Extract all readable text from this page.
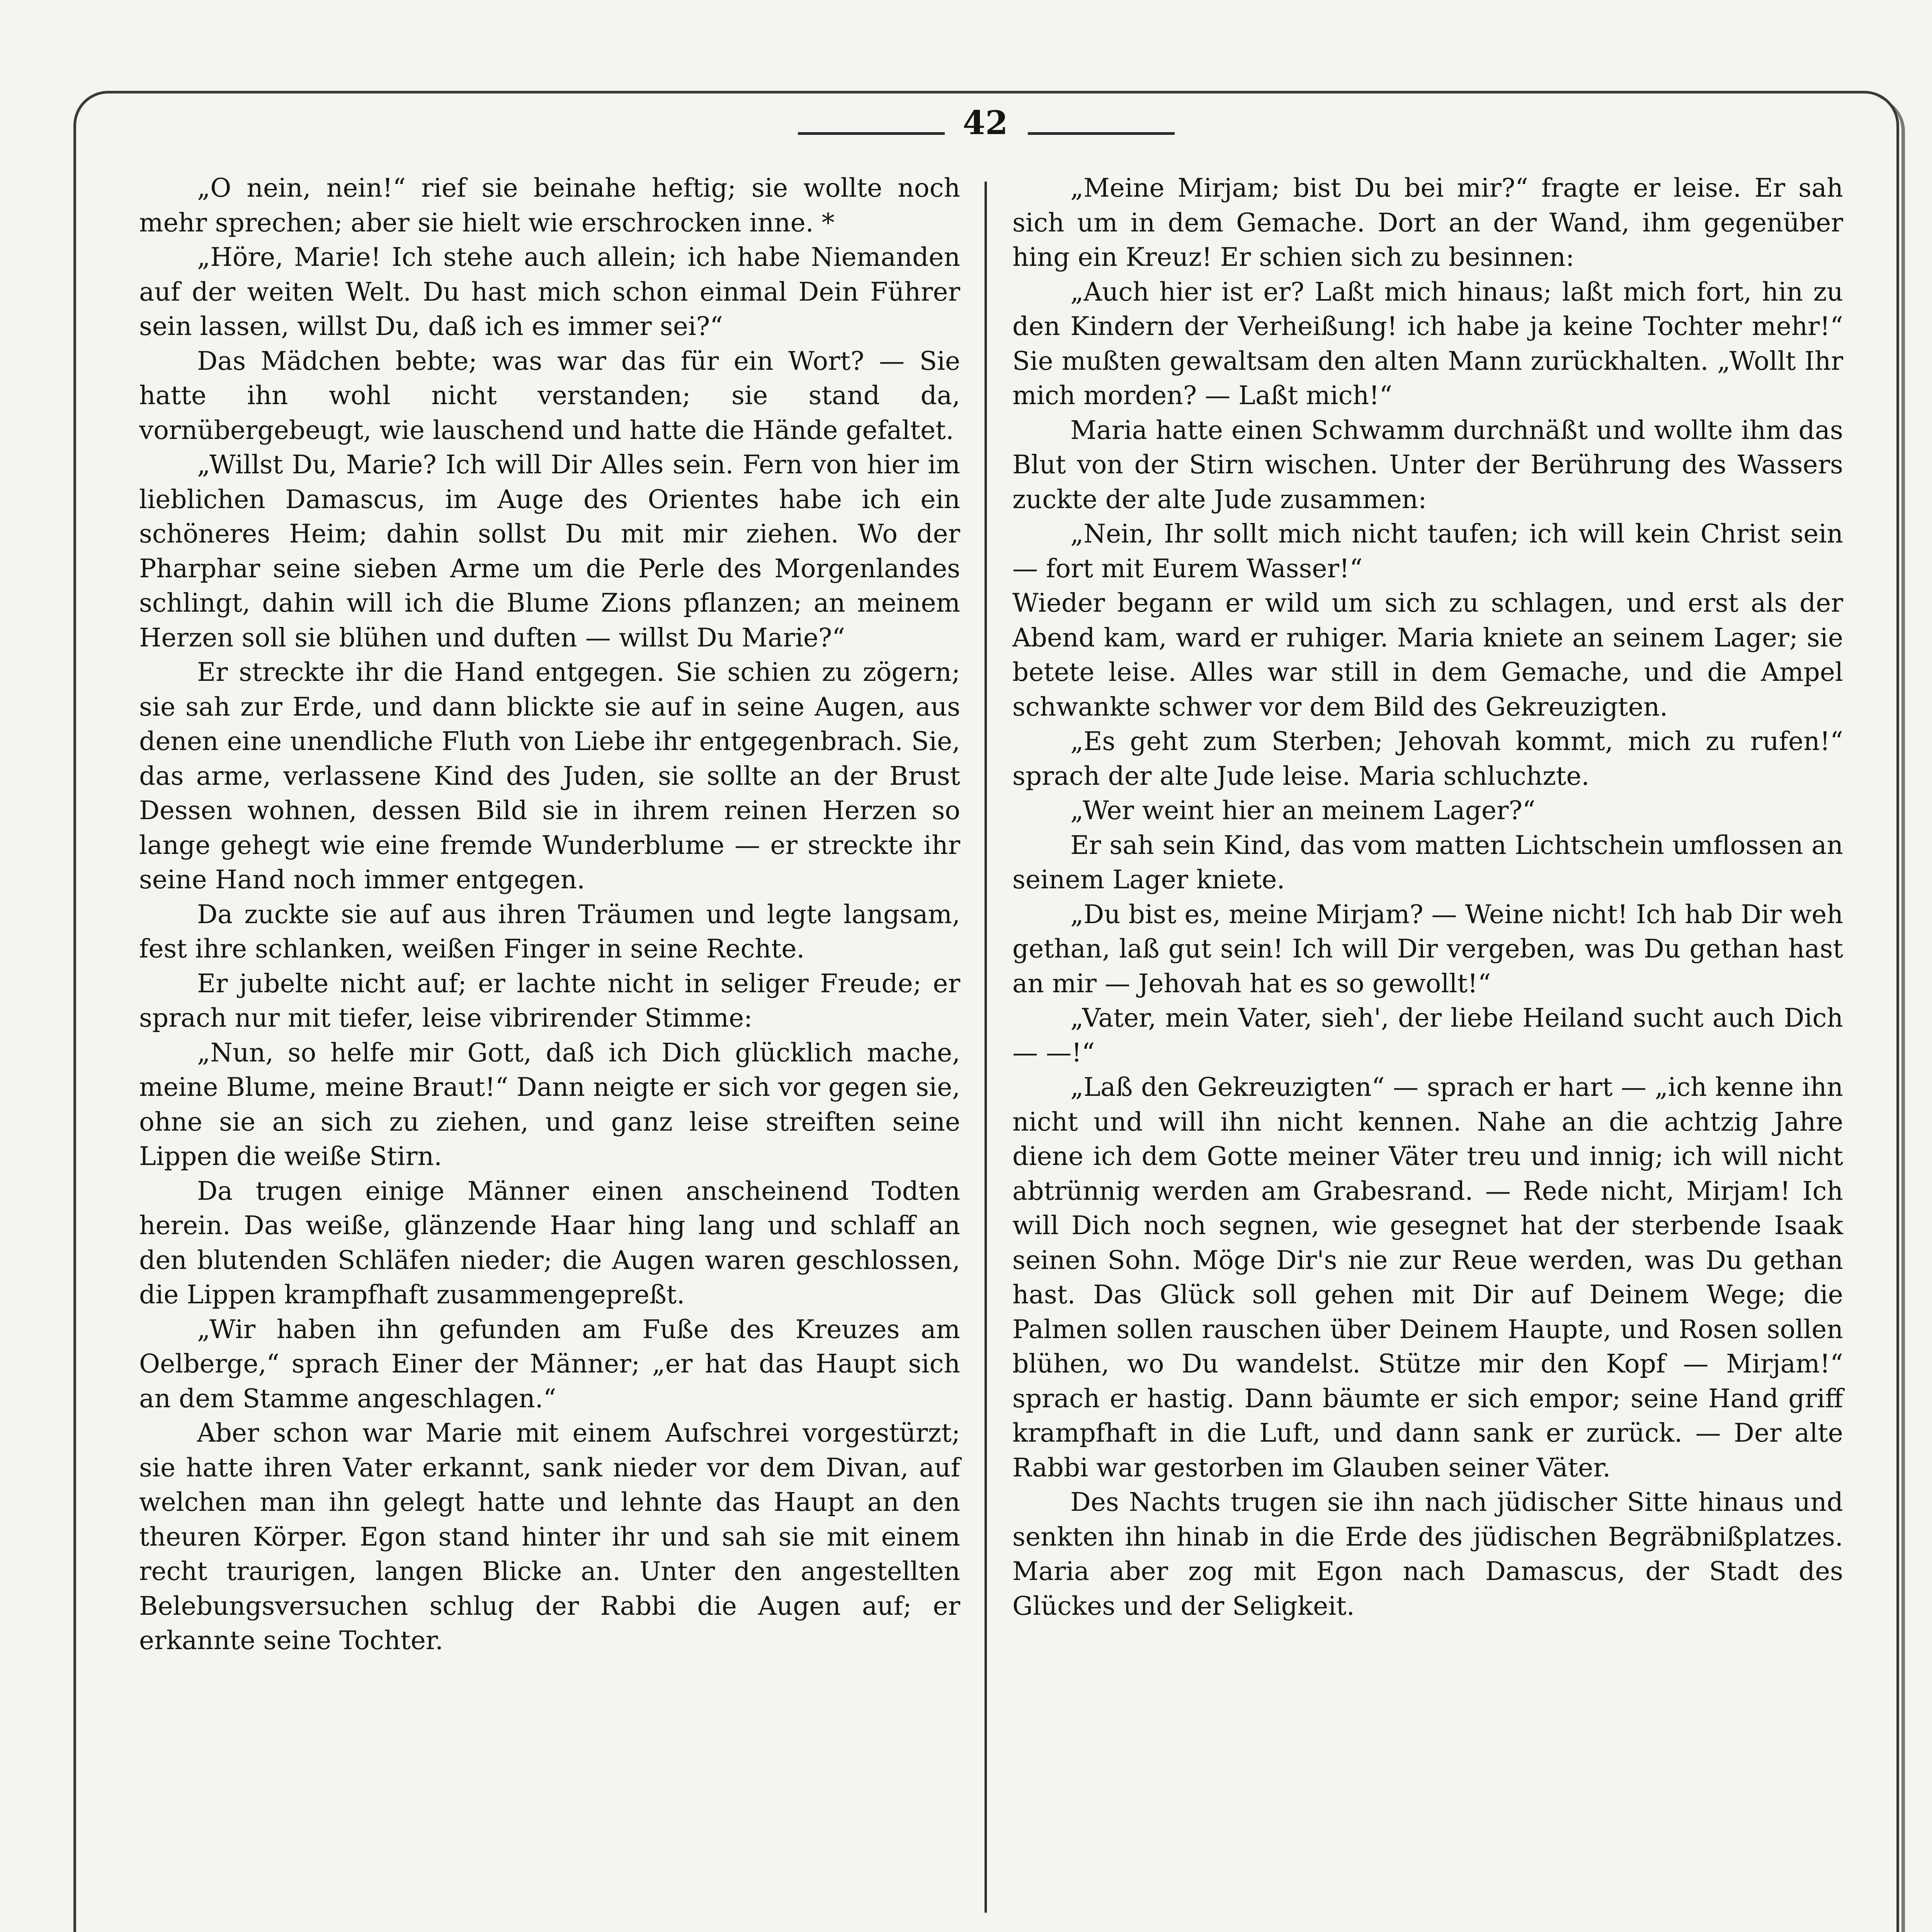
42

„O nein, nein!“ rief sie beinahe heftig; sie wollte noch mehr sprechen; aber sie hielt wie erschrocken inne. *

„Höre, Marie! Ich stehe auch allein; ich habe Niemanden auf der weiten Welt. Du hast mich schon einmal Dein Führer sein lassen, willst Du, daß ich es immer sei?“

Das Mädchen bebte; was war das für ein Wort? — Sie hatte ihn wohl nicht verstanden; sie stand da, vornübergebeugt, wie lauschend und hatte die Hände gefaltet.

„Willst Du, Marie? Ich will Dir Alles sein. Fern von hier im lieblichen Damascus, im Auge des Orientes habe ich ein schöneres Heim; dahin sollst Du mit mir ziehen. Wo der Pharphar seine sieben Arme um die Perle des Morgenlandes schlingt, dahin will ich die Blume Zions pflanzen; an meinem Herzen soll sie blühen und duften — willst Du Marie?“

Er streckte ihr die Hand entgegen. Sie schien zu zögern; sie sah zur Erde, und dann blickte sie auf in seine Augen, aus denen eine unendliche Fluth von Liebe ihr entgegenbrach. Sie, das arme, verlassene Kind des Juden, sie sollte an der Brust Dessen wohnen, dessen Bild sie in ihrem reinen Herzen so lange gehegt wie eine fremde Wunderblume — er streckte ihr seine Hand noch immer entgegen.

Da zuckte sie auf aus ihren Träumen und legte langsam, fest ihre schlanken, weißen Finger in seine Rechte.

Er jubelte nicht auf; er lachte nicht in seliger Freude; er sprach nur mit tiefer, leise vibrirender Stimme:

„Nun, so helfe mir Gott, daß ich Dich glücklich mache, meine Blume, meine Braut!“ Dann neigte er sich vor gegen sie, ohne sie an sich zu ziehen, und ganz leise streiften seine Lippen die weiße Stirn.

Da trugen einige Männer einen anscheinend Todten herein. Das weiße, glänzende Haar hing lang und schlaff an den blutenden Schläfen nieder; die Augen waren geschlossen, die Lippen krampfhaft zusammengepreßt.

„Wir haben ihn gefunden am Fuße des Kreuzes am Oelberge,“ sprach Einer der Männer; „er hat das Haupt sich an dem Stamme angeschlagen.“

Aber schon war Marie mit einem Aufschrei vorgestürzt; sie hatte ihren Vater erkannt, sank nieder vor dem Divan, auf welchen man ihn gelegt hatte und lehnte das Haupt an den theuren Körper. Egon stand hinter ihr und sah sie mit einem recht traurigen, langen Blicke an. Unter den angestellten Belebungsversuchen schlug der Rabbi die Augen auf; er erkannte seine Tochter.

„Meine Mirjam; bist Du bei mir?“ fragte er leise. Er sah sich um in dem Gemache. Dort an der Wand, ihm gegenüber hing ein Kreuz! Er schien sich zu besinnen:

„Auch hier ist er? Laßt mich hinaus; laßt mich fort, hin zu den Kindern der Verheißung! ich habe ja keine Tochter mehr!“ Sie mußten gewaltsam den alten Mann zurückhalten. „Wollt Ihr mich morden? — Laßt mich!“

Maria hatte einen Schwamm durchnäßt und wollte ihm das Blut von der Stirn wischen. Unter der Berührung des Wassers zuckte der alte Jude zusammen:

„Nein, Ihr sollt mich nicht taufen; ich will kein Christ sein — fort mit Eurem Wasser!“

Wieder begann er wild um sich zu schlagen, und erst als der Abend kam, ward er ruhiger. Maria kniete an seinem Lager; sie betete leise. Alles war still in dem Gemache, und die Ampel schwankte schwer vor dem Bild des Gekreuzigten.

„Es geht zum Sterben; Jehovah kommt, mich zu rufen!“ sprach der alte Jude leise. Maria schluchzte.

„Wer weint hier an meinem Lager?“

Er sah sein Kind, das vom matten Lichtschein umflossen an seinem Lager kniete.

„Du bist es, meine Mirjam? — Weine nicht! Ich hab Dir weh gethan, laß gut sein! Ich will Dir vergeben, was Du gethan hast an mir — Jehovah hat es so gewollt!“

„Vater, mein Vater, sieh', der liebe Heiland sucht auch Dich — —!“

„Laß den Gekreuzigten“ — sprach er hart — „ich kenne ihn nicht und will ihn nicht kennen. Nahe an die achtzig Jahre diene ich dem Gotte meiner Väter treu und innig; ich will nicht abtrünnig werden am Grabesrand. — Rede nicht, Mirjam! Ich will Dich noch segnen, wie gesegnet hat der sterbende Isaak seinen Sohn. Möge Dir's nie zur Reue werden, was Du gethan hast. Das Glück soll gehen mit Dir auf Deinem Wege; die Palmen sollen rauschen über Deinem Haupte, und Rosen sollen blühen, wo Du wandelst. Stütze mir den Kopf — Mirjam!“ sprach er hastig. Dann bäumte er sich empor; seine Hand griff krampfhaft in die Luft, und dann sank er zurück. — Der alte Rabbi war gestorben im Glauben seiner Väter.

Des Nachts trugen sie ihn nach jüdischer Sitte hinaus und senkten ihn hinab in die Erde des jüdischen Begräbnißplatzes. Maria aber zog mit Egon nach Damascus, der Stadt des Glückes und der Seligkeit.
